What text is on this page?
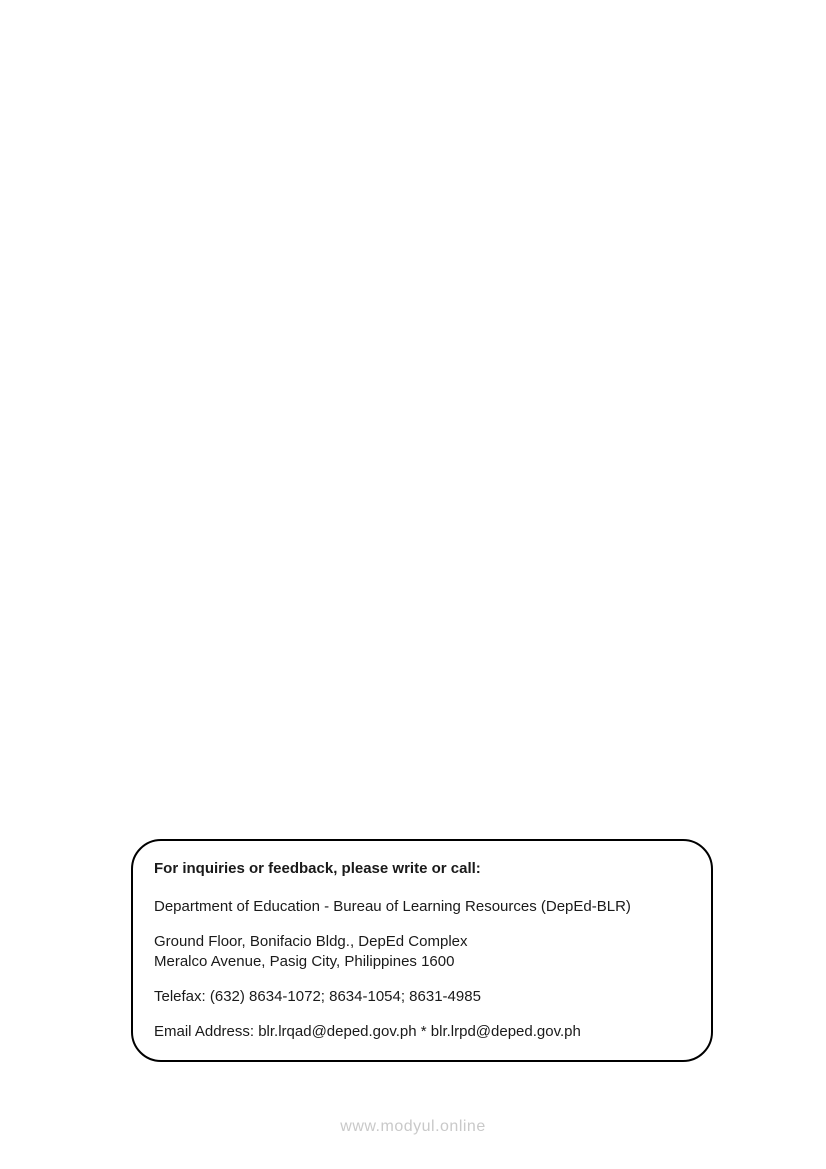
For inquiries or feedback, please write or call:

Department of Education - Bureau of Learning Resources (DepEd-BLR)

Ground Floor, Bonifacio Bldg., DepEd Complex

Meralco Avenue, Pasig City, Philippines 1600

Telefax: (632) 8634-1072; 8634-1054; 8631-4985

Email Address: blr.lrqad@deped.gov.ph * blr.lrpd@deped.gov.ph

www.modyul.online
